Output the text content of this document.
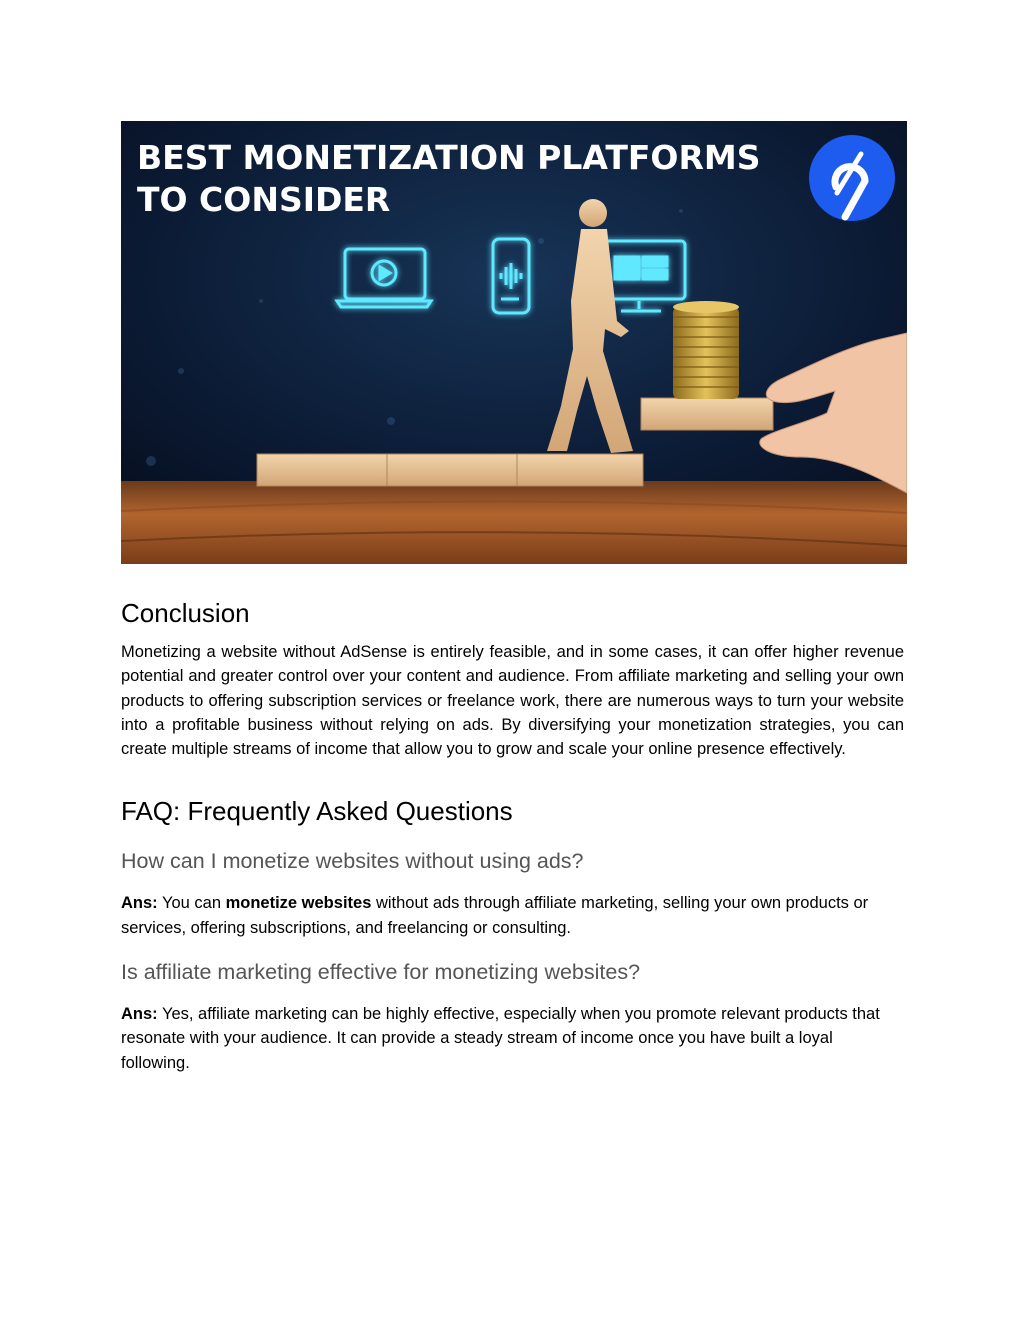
BEST MONETIZATION PLATFORMS
TO CONSIDER
Conclusion

Monetizing a website without AdSense is entirely feasible, and in some cases, it can offer higher revenue potential and greater control over your content and audience. From affiliate marketing and selling your own products to offering subscription services or freelance work, there are numerous ways to turn your website into a profitable business without relying on ads. By diversifying your monetization strategies, you can create multiple streams of income that allow you to grow and scale your online presence effectively.

FAQ: Frequently Asked Questions
How can I monetize websites without using ads?

Ans: You can monetize websites without ads through affiliate marketing, selling your own products or services, offering subscriptions, and freelancing or consulting.

Is affiliate marketing effective for monetizing websites?

Ans: Yes, affiliate marketing can be highly effective, especially when you promote relevant products that resonate with your audience. It can provide a steady stream of income once you have built a loyal following.
